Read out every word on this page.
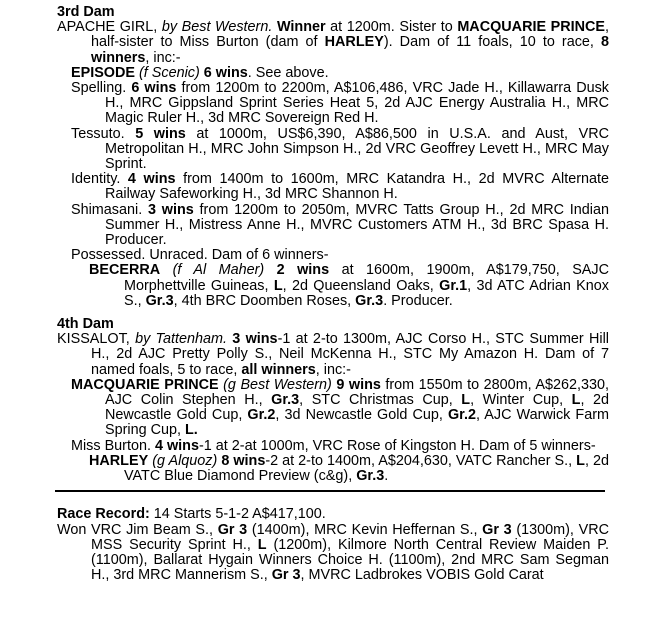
3rd Dam

APACHE GIRL, by Best Western. Winner at 1200m. Sister to MACQUARIE PRINCE, half-sister to Miss Burton (dam of HARLEY). Dam of 11 foals, 10 to race, 8 winners, inc:-

EPISODE (f Scenic) 6 wins. See above.

Spelling. 6 wins from 1200m to 2200m, A$106,486, VRC Jade H., Killawarra Dusk H., MRC Gippsland Sprint Series Heat 5, 2d AJC Energy Australia H., MRC Magic Ruler H., 3d MRC Sovereign Red H.

Tessuto. 5 wins at 1000m, US$6,390, A$86,500 in U.S.A. and Aust, VRC Metropolitan H., MRC John Simpson H., 2d VRC Geoffrey Levett H., MRC May Sprint.

Identity. 4 wins from 1400m to 1600m, MRC Katandra H., 2d MVRC Alternate Railway Safeworking H., 3d MRC Shannon H.

Shimasani. 3 wins from 1200m to 2050m, MVRC Tatts Group H., 2d MRC Indian Summer H., Mistress Anne H., MVRC Customers ATM H., 3d BRC Spasa H. Producer.

Possessed. Unraced. Dam of 6 winners-

BECERRA (f Al Maher) 2 wins at 1600m, 1900m, A$179,750, SAJC Morphettville Guineas, L, 2d Queensland Oaks, Gr.1, 3d ATC Adrian Knox S., Gr.3, 4th BRC Doomben Roses, Gr.3. Producer.

4th Dam

KISSALOT, by Tattenham. 3 wins-1 at 2-to 1300m, AJC Corso H., STC Summer Hill H., 2d AJC Pretty Polly S., Neil McKenna H., STC My Amazon H. Dam of 7 named foals, 5 to race, all winners, inc:-

MACQUARIE PRINCE (g Best Western) 9 wins from 1550m to 2800m, A$262,330, AJC Colin Stephen H., Gr.3, STC Christmas Cup, L, Winter Cup, L, 2d Newcastle Gold Cup, Gr.2, 3d Newcastle Gold Cup, Gr.2, AJC Warwick Farm Spring Cup, L.

Miss Burton. 4 wins-1 at 2-at 1000m, VRC Rose of Kingston H. Dam of 5 winners-

HARLEY (g Alquoz) 8 wins-2 at 2-to 1400m, A$204,630, VATC Rancher S., L, 2d VATC Blue Diamond Preview (c&g), Gr.3.

Race Record: 14 Starts 5-1-2 A$417,100.

Won VRC Jim Beam S., Gr 3 (1400m), MRC Kevin Heffernan S., Gr 3 (1300m), VRC MSS Security Sprint H., L (1200m), Kilmore North Central Review Maiden P. (1100m), Ballarat Hygain Winners Choice H. (1100m), 2nd MRC Sam Segman H., 3rd MRC Mannerism S., Gr 3, MVRC Ladbrokes VOBIS Gold Carat
